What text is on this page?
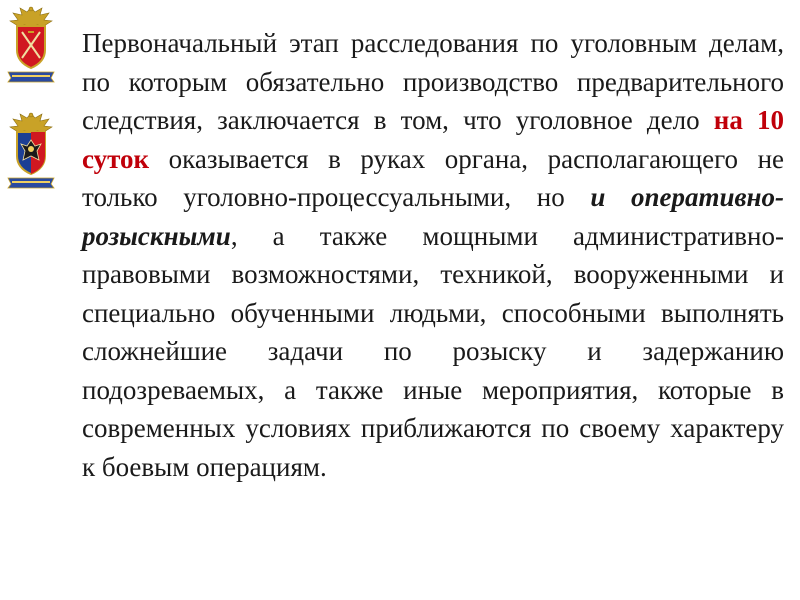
Первоначальный этап расследования по уголовным делам, по которым обязательно производство предварительного следствия, заключается в том, что уголовное дело на 10 суток оказывается в руках органа, располагающего не только уголовно-процессуальными, но и оперативно-розыскными, а также мощными административно-правовыми возможностями, техникой, вооруженными и специально обученными людьми, способными выполнять сложнейшие задачи по розыску и задержанию подозреваемых, а также иные мероприятия, которые в современных условиях приближаются по своему характеру к боевым операциям.
